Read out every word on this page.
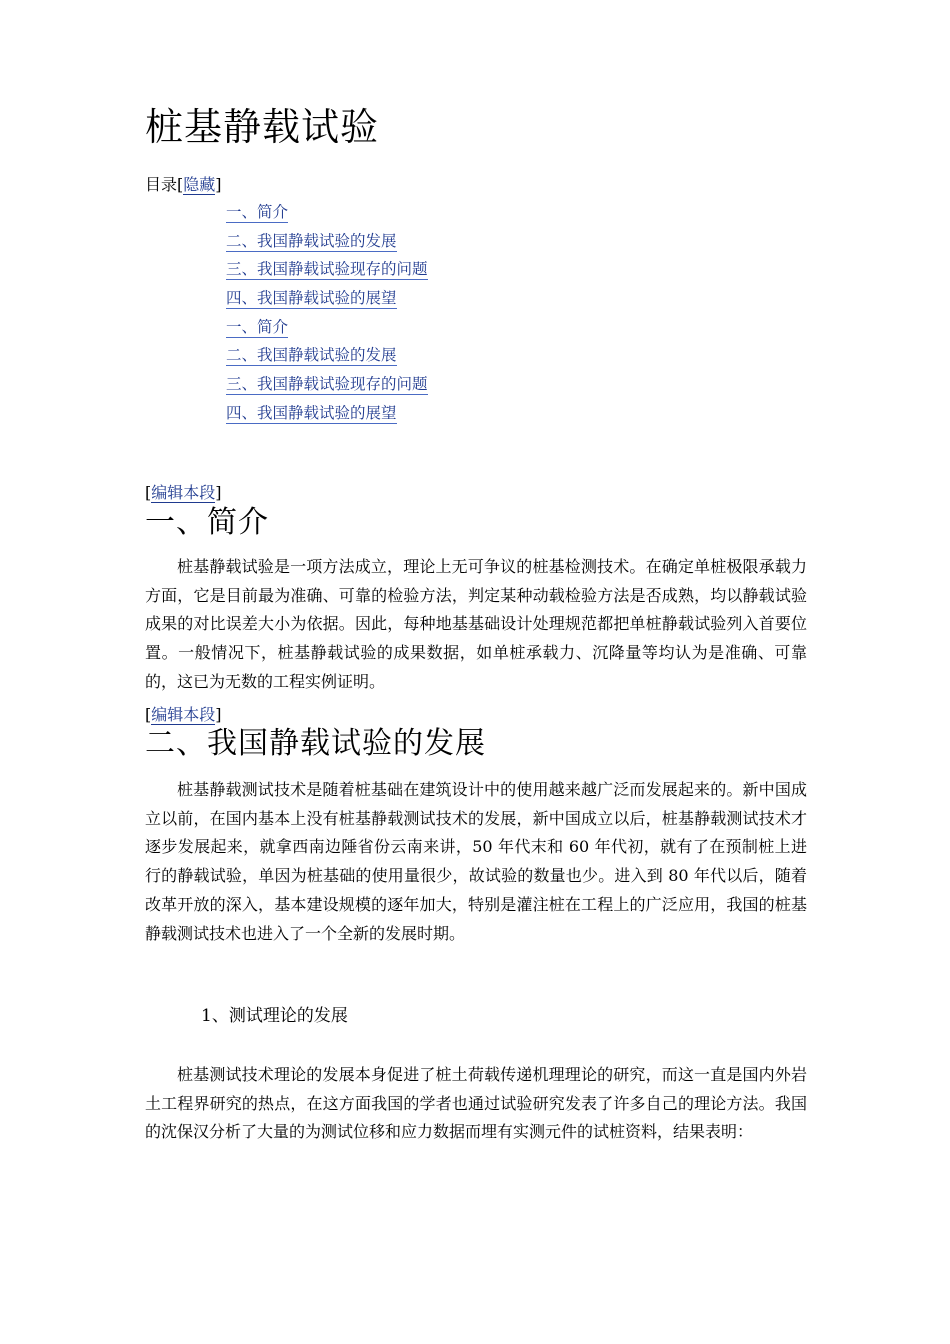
桩基静载试验
目录[隐藏]
一、简介
二、我国静载试验的发展
三、我国静载试验现存的问题
四、我国静载试验的展望
一、简介
二、我国静载试验的发展
三、我国静载试验现存的问题
四、我国静载试验的展望
[编辑本段]
一、简介

桩基静载试验是一项方法成立，理论上无可争议的桩基检测技术。在确定单桩极限承载力方面，它是目前最为准确、可靠的检验方法，判定某种动载检验方法是否成熟，均以静载试验成果的对比误差大小为依据。因此，每种地基基础设计处理规范都把单桩静载试验列入首要位置。一般情况下，桩基静载试验的成果数据，如单桩承载力、沉降量等均认为是准确、可靠的，这已为无数的工程实例证明。

[编辑本段]
二、我国静载试验的发展

桩基静载测试技术是随着桩基础在建筑设计中的使用越来越广泛而发展起来的。新中国成立以前，在国内基本上没有桩基静载测试技术的发展，新中国成立以后，桩基静载测试技术才逐步发展起来，就拿西南边陲省份云南来讲，50 年代末和 60 年代初，就有了在预制桩上进行的静载试验，单因为桩基础的使用量很少，故试验的数量也少。进入到 80 年代以后，随着改革开放的深入，基本建设规模的逐年加大，特别是灌注桩在工程上的广泛应用，我国的桩基静载测试技术也进入了一个全新的发展时期。

1、测试理论的发展

桩基测试技术理论的发展本身促进了桩土荷载传递机理理论的研究，而这一直是国内外岩土工程界研究的热点，在这方面我国的学者也通过试验研究发表了许多自己的理论方法。我国的沈保汉分析了大量的为测试位移和应力数据而埋有实测元件的试桩资料，结果表明：
